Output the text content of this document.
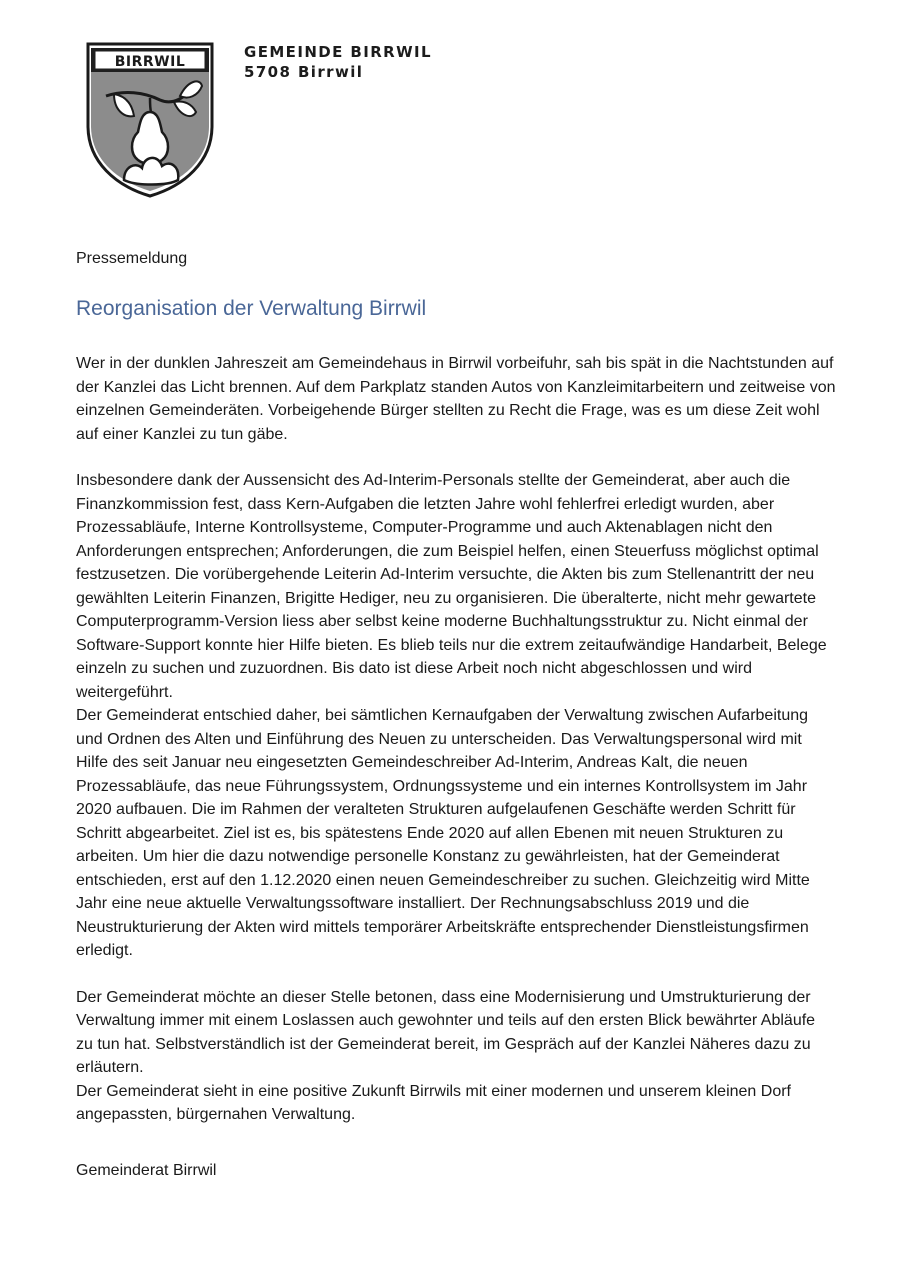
BIRRWIL
GEMEINDE BIRRWIL
5708 Birrwil

Pressemeldung

Reorganisation der Verwaltung Birrwil

Wer in der dunklen Jahreszeit am Gemeindehaus in Birrwil vorbeifuhr, sah bis spät in die Nachtstunden auf der Kanzlei das Licht brennen. Auf dem Parkplatz standen Autos von Kanzleimitarbeitern und zeitweise von einzelnen Gemeinderäten. Vorbeigehende Bürger stellten zu Recht die Frage, was es um diese Zeit wohl auf einer Kanzlei zu tun gäbe.

Insbesondere dank der Aussensicht des Ad-Interim-Personals stellte der Gemeinderat, aber auch die Finanzkommission fest, dass Kern-Aufgaben die letzten Jahre wohl fehlerfrei erledigt wurden, aber Prozessabläufe, Interne Kontrollsysteme, Computer-Programme und auch Aktenablagen nicht den Anforderungen entsprechen; Anforderungen, die zum Beispiel helfen, einen Steuerfuss möglichst optimal festzusetzen. Die vorübergehende Leiterin Ad-Interim versuchte, die Akten bis zum Stellenantritt der neu gewählten Leiterin Finanzen, Brigitte Hediger, neu zu organisieren. Die überalterte, nicht mehr gewartete Computerprogramm-Version liess aber selbst keine moderne Buchhaltungsstruktur zu. Nicht einmal der Software-Support konnte hier Hilfe bieten. Es blieb teils nur die extrem zeitaufwändige Handarbeit, Belege einzeln zu suchen und zuzuordnen. Bis dato ist diese Arbeit noch nicht abgeschlossen und wird weitergeführt.

Der Gemeinderat entschied daher, bei sämtlichen Kernaufgaben der Verwaltung zwischen Aufarbeitung und Ordnen des Alten und Einführung des Neuen zu unterscheiden. Das Verwaltungspersonal wird mit Hilfe des seit Januar neu eingesetzten Gemeindeschreiber Ad-Interim, Andreas Kalt, die neuen Prozessabläufe, das neue Führungssystem, Ordnungssysteme und ein internes Kontrollsystem im Jahr 2020 aufbauen. Die im Rahmen der veralteten Strukturen aufgelaufenen Geschäfte werden Schritt für Schritt abgearbeitet. Ziel ist es, bis spätestens Ende 2020 auf allen Ebenen mit neuen Strukturen zu arbeiten. Um hier die dazu notwendige personelle Konstanz zu gewährleisten, hat der Gemeinderat entschieden, erst auf den 1.12.2020 einen neuen Gemeindeschreiber zu suchen. Gleichzeitig wird Mitte Jahr eine neue aktuelle Verwaltungssoftware installiert. Der Rechnungsabschluss 2019 und die Neustrukturierung der Akten wird mittels temporärer Arbeitskräfte entsprechender Dienstleistungsfirmen erledigt.

Der Gemeinderat möchte an dieser Stelle betonen, dass eine Modernisierung und Umstrukturierung der Verwaltung immer mit einem Loslassen auch gewohnter und teils auf den ersten Blick bewährter Abläufe zu tun hat. Selbstverständlich ist der Gemeinderat bereit, im Gespräch auf der Kanzlei Näheres dazu zu erläutern.

Der Gemeinderat sieht in eine positive Zukunft Birrwils mit einer modernen und unserem kleinen Dorf angepassten, bürgernahen Verwaltung.

Gemeinderat Birrwil
